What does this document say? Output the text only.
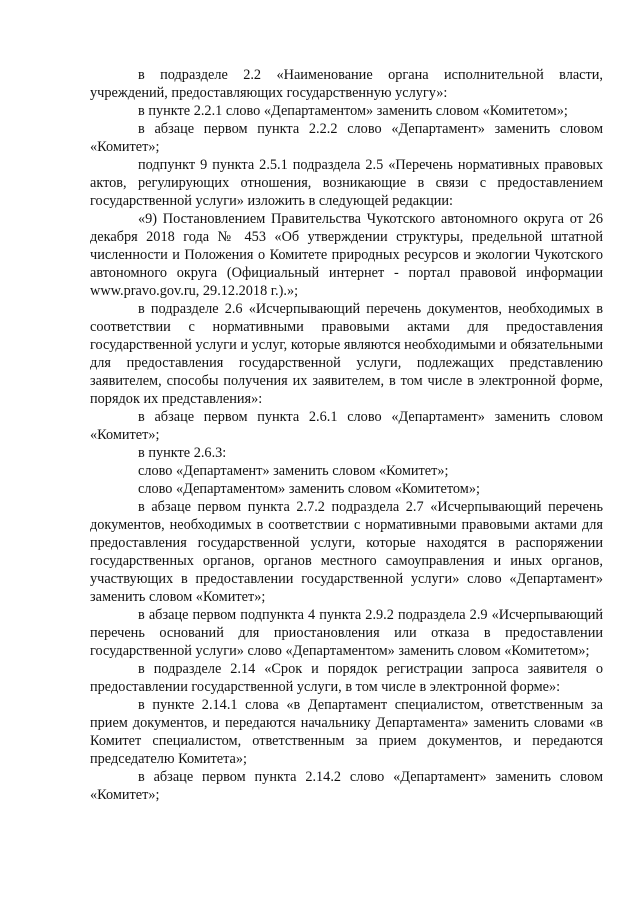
в подразделе 2.2 «Наименование органа исполнительной власти, учреждений, предоставляющих государственную услугу»:

в пункте 2.2.1 слово «Департаментом» заменить словом «Комитетом»;

в абзаце первом пункта 2.2.2 слово «Департамент» заменить словом «Комитет»;

подпункт 9 пункта 2.5.1 подраздела 2.5 «Перечень нормативных правовых актов, регулирующих отношения, возникающие в связи с предоставлением государственной услуги» изложить в следующей редакции:

«9) Постановлением Правительства Чукотского автономного округа от 26 декабря 2018 года № 453 «Об утверждении структуры, предельной штатной численности и Положения о Комитете природных ресурсов и экологии Чукотского автономного округа (Официальный интернет - портал правовой информации www.pravo.gov.ru, 29.12.2018 г.).»;

в подразделе 2.6 «Исчерпывающий перечень документов, необходимых в соответствии с нормативными правовыми актами для предоставления государственной услуги и услуг, которые являются необходимыми и обязательными для предоставления государственной услуги, подлежащих представлению заявителем, способы получения их заявителем, в том числе в электронной форме, порядок их представления»:

в абзаце первом пункта 2.6.1 слово «Департамент» заменить словом «Комитет»;

в пункте 2.6.3:

слово «Департамент» заменить словом «Комитет»;

слово «Департаментом» заменить словом «Комитетом»;

в абзаце первом пункта 2.7.2 подраздела 2.7 «Исчерпывающий перечень документов, необходимых в соответствии с нормативными правовыми актами для предоставления государственной услуги, которые находятся в распоряжении государственных органов, органов местного самоуправления и иных органов, участвующих в предоставлении государственной услуги» слово «Департамент» заменить словом «Комитет»;

в абзаце первом подпункта 4 пункта 2.9.2 подраздела 2.9 «Исчерпывающий перечень оснований для приостановления или отказа в предоставлении государственной услуги» слово «Департаментом» заменить словом «Комитетом»;

в подразделе 2.14 «Срок и порядок регистрации запроса заявителя о предоставлении государственной услуги, в том числе в электронной форме»:

в пункте 2.14.1 слова «в Департамент специалистом, ответственным за прием документов, и передаются начальнику Департамента» заменить словами «в Комитет специалистом, ответственным за прием документов, и передаются председателю Комитета»;

в абзаце первом пункта 2.14.2 слово «Департамент» заменить словом «Комитет»;
